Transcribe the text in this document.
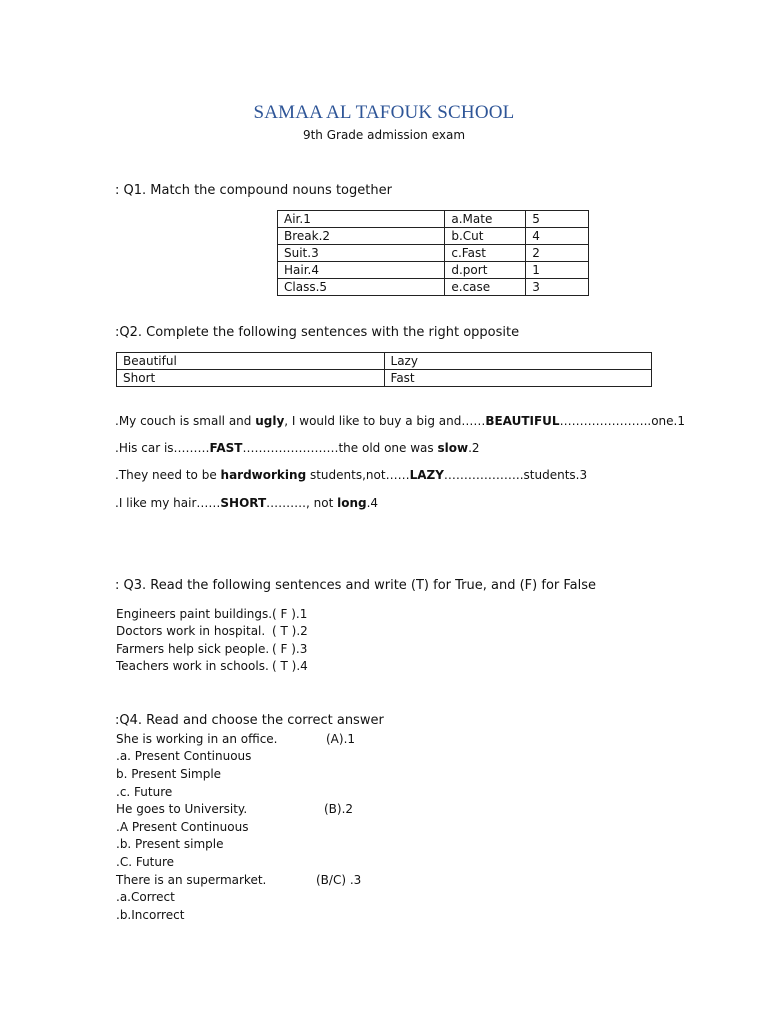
SAMAA AL TAFOUK SCHOOL
9th Grade admission exam
: Q1. Match the compound nouns together
Air.1	a.Mate	5
Break.2	b.Cut	4
Suit.3	c.Fast	2
Hair.4	d.port	1
Class.5	e.case	3
:Q2. Complete the following sentences with the right opposite
Beautiful	Lazy
Short	Fast
.My couch is small and ugly, I would like to buy a big and……BEAUTIFUL…………………..one.1
.His car is………FAST……………………the old one was slow.2
.They need to be hardworking students,not……LAZY………………..students.3
.I like my hair……SHORT………., not long.4
: Q3. Read the following sentences and write (T) for True, and (F) for False
Engineers paint buildings. ( F ).1
Doctors work in hospital. ( T ).2
Farmers help sick people. ( F ).3
Teachers work in schools. ( T ).4
:Q4. Read and choose the correct answer
She is working in an office.	(A).1
.a. Present Continuous
b. Present Simple
.c. Future
He goes to University.	(B).2
.A Present Continuous
.b. Present simple
.C. Future
There is an supermarket.	(B/C) .3
.a.Correct
.b.Incorrect
